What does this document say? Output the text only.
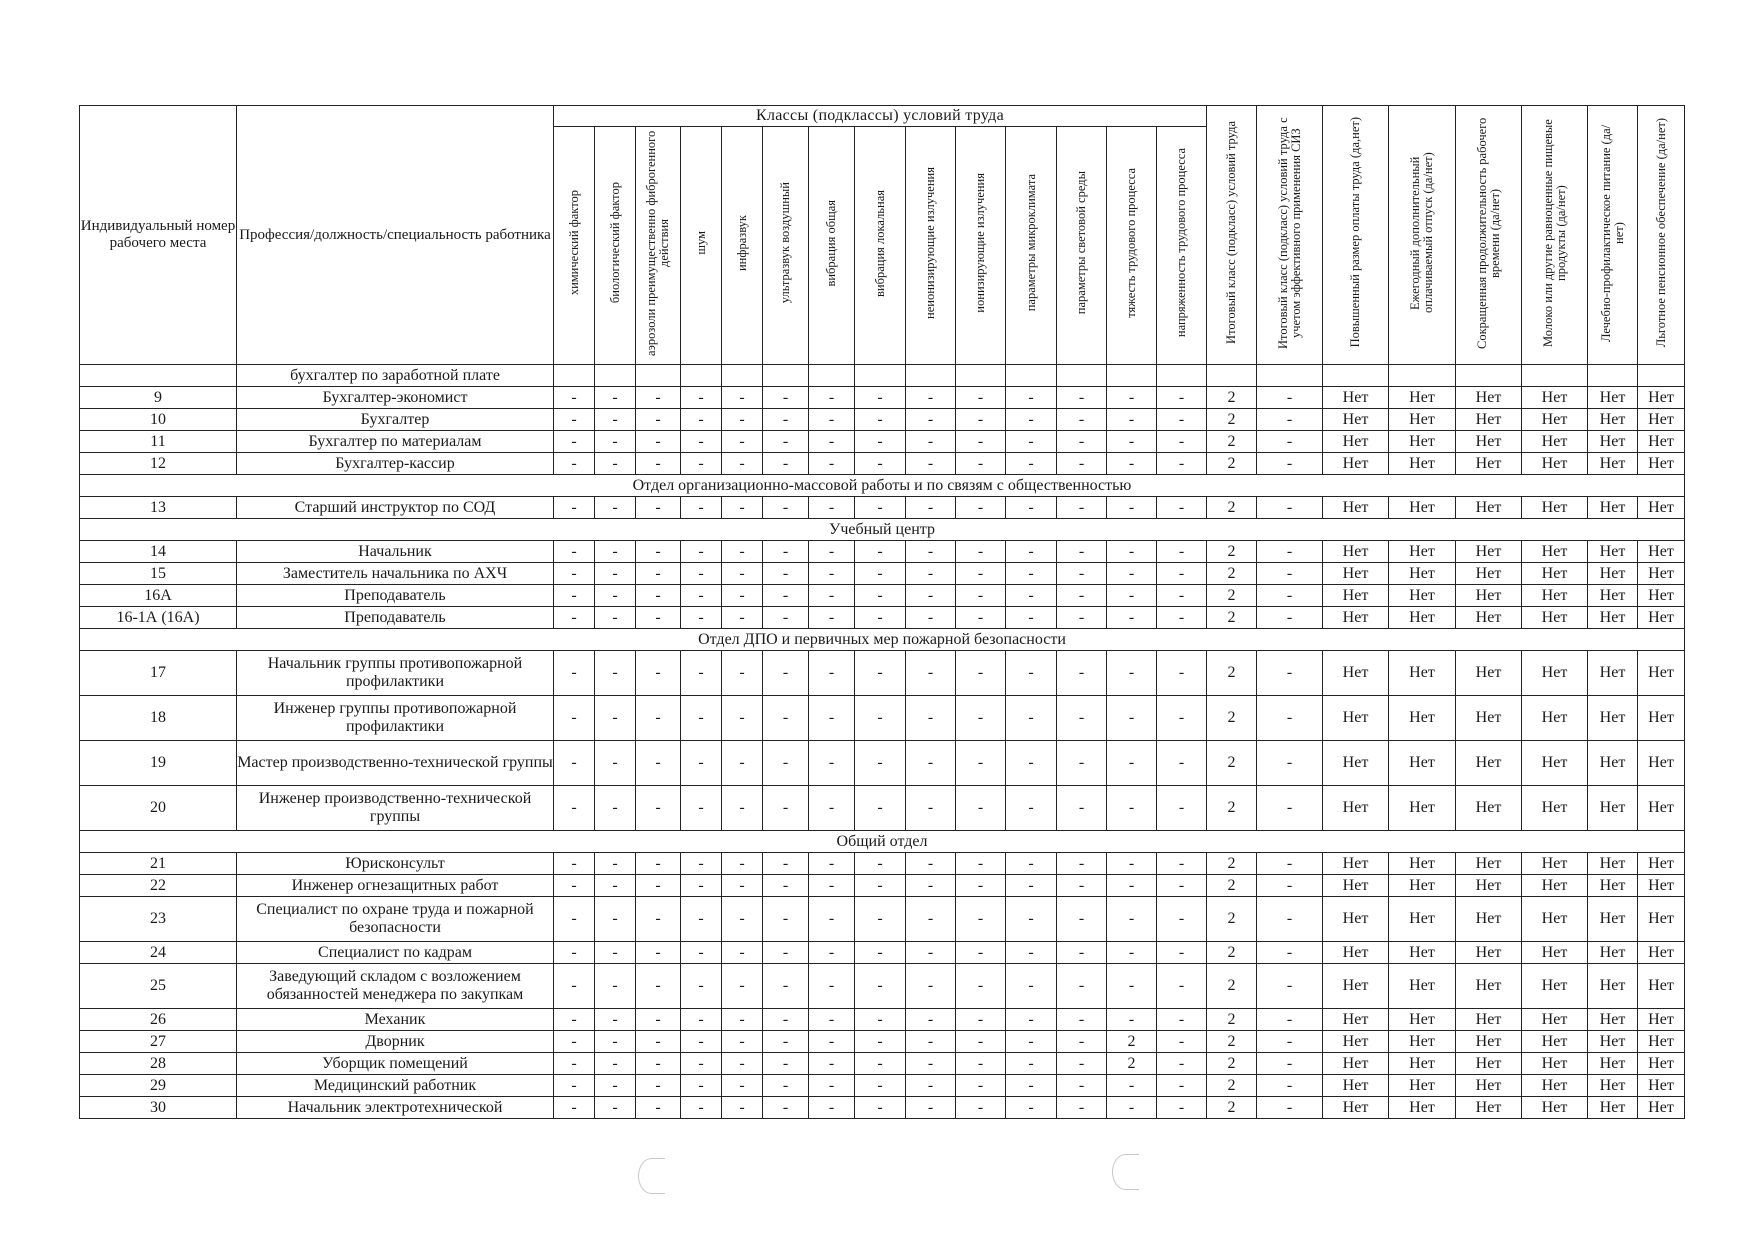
Индивидуальный номер рабочего места	Профессия/должность/специальность работника	Классы (подклассы) условий труда														Итоговый класс (подкласс) условий труда	Итоговый класс (подкласс) условий труда с учетом эффективного применения СИЗ	Повышенный размер оплаты труда (да,нет)	Ежегодный дополнительный оплачиваемый отпуск (да/нет)	Сокращенная продолжительность рабочего времени (да/нет)	Молоко или другие равноценные пищевые продукты (да/нет)	Лечебно-профилактическое питание (да/нет)	Льготное пенсионное обеспечение (да/нет)
		химический фактор	биологический фактор	аэрозоли преимущественно фиброгенного действия	шум	инфразвук	ультразвук воздушный	вибрация общая	вибрация локальная	неионизирующие излучения	ионизирующие излучения	параметры микроклимата	параметры световой среды	тяжесть трудового процесса	напряженность трудового процесса								
	бухгалтер по заработной плате																						
9	Бухгалтер-экономист	-	-	-	-	-	-	-	-	-	-	-	-	-	-	2	-	Нет	Нет	Нет	Нет	Нет	Нет
10	Бухгалтер	-	-	-	-	-	-	-	-	-	-	-	-	-	-	2	-	Нет	Нет	Нет	Нет	Нет	Нет
11	Бухгалтер по материалам	-	-	-	-	-	-	-	-	-	-	-	-	-	-	2	-	Нет	Нет	Нет	Нет	Нет	Нет
12	Бухгалтер-кассир	-	-	-	-	-	-	-	-	-	-	-	-	-	-	2	-	Нет	Нет	Нет	Нет	Нет	Нет
Отдел организационно-массовой работы и по связям с общественностью																							
13	Старший инструктор по СОД	-	-	-	-	-	-	-	-	-	-	-	-	-	-	2	-	Нет	Нет	Нет	Нет	Нет	Нет
Учебный центр																							
14	Начальник	-	-	-	-	-	-	-	-	-	-	-	-	-	-	2	-	Нет	Нет	Нет	Нет	Нет	Нет
15	Заместитель начальника по АХЧ	-	-	-	-	-	-	-	-	-	-	-	-	-	-	2	-	Нет	Нет	Нет	Нет	Нет	Нет
16А	Преподаватель	-	-	-	-	-	-	-	-	-	-	-	-	-	-	2	-	Нет	Нет	Нет	Нет	Нет	Нет
16-1А (16А)	Преподаватель	-	-	-	-	-	-	-	-	-	-	-	-	-	-	2	-	Нет	Нет	Нет	Нет	Нет	Нет
Отдел ДПО и первичных мер пожарной безопасности																							
17	Начальник группы противопожарной профилактики	-	-	-	-	-	-	-	-	-	-	-	-	-	-	2	-	Нет	Нет	Нет	Нет	Нет	Нет
18	Инженер группы противопожарной профилактики	-	-	-	-	-	-	-	-	-	-	-	-	-	-	2	-	Нет	Нет	Нет	Нет	Нет	Нет
19	Мастер производственно-технической группы	-	-	-	-	-	-	-	-	-	-	-	-	-	-	2	-	Нет	Нет	Нет	Нет	Нет	Нет
20	Инженер производственно-технической группы	-	-	-	-	-	-	-	-	-	-	-	-	-	-	2	-	Нет	Нет	Нет	Нет	Нет	Нет
Общий отдел																							
21	Юрисконсульт	-	-	-	-	-	-	-	-	-	-	-	-	-	-	2	-	Нет	Нет	Нет	Нет	Нет	Нет
22	Инженер огнезащитных работ	-	-	-	-	-	-	-	-	-	-	-	-	-	-	2	-	Нет	Нет	Нет	Нет	Нет	Нет
23	Специалист по охране труда и пожарной безопасности	-	-	-	-	-	-	-	-	-	-	-	-	-	-	2	-	Нет	Нет	Нет	Нет	Нет	Нет
24	Специалист по кадрам	-	-	-	-	-	-	-	-	-	-	-	-	-	-	2	-	Нет	Нет	Нет	Нет	Нет	Нет
25	Заведующий складом с возложением обязанностей менеджера по закупкам	-	-	-	-	-	-	-	-	-	-	-	-	-	-	2	-	Нет	Нет	Нет	Нет	Нет	Нет
26	Механик	-	-	-	-	-	-	-	-	-	-	-	-	-	-	2	-	Нет	Нет	Нет	Нет	Нет	Нет
27	Дворник	-	-	-	-	-	-	-	-	-	-	-	-	2	-	2	-	Нет	Нет	Нет	Нет	Нет	Нет
28	Уборщик помещений	-	-	-	-	-	-	-	-	-	-	-	-	2	-	2	-	Нет	Нет	Нет	Нет	Нет	Нет
29	Медицинский работник	-	-	-	-	-	-	-	-	-	-	-	-	-	-	2	-	Нет	Нет	Нет	Нет	Нет	Нет
30	Начальник электротехнической	-	-	-	-	-	-	-	-	-	-	-	-	-	-	2	-	Нет	Нет	Нет	Нет	Нет	Нет
